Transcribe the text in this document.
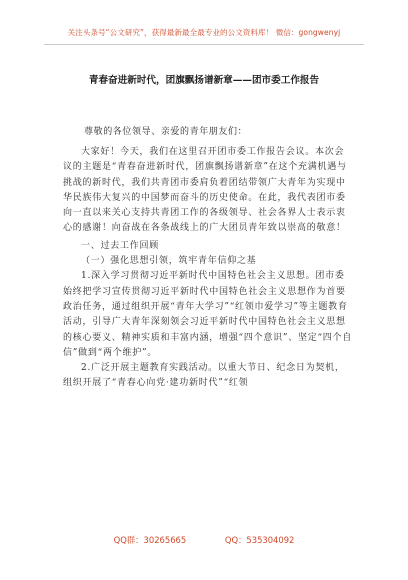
关注头条号“公文研究”，获得最新最全最专业的公文资料库！ 微信：gongwenyj
青春奋进新时代，团旗飘扬谱新章——团市委工作报告
尊敬的各位领导、亲爱的青年朋友们：

大家好！今天，我们在这里召开团市委工作报告会议。本次会议的主题是“青春奋进新时代，团旗飘扬谱新章”在这个充满机遇与挑战的新时代，我们共青团市委肩负着团结带领广大青年为实现中华民族伟大复兴的中国梦而奋斗的历史使命。在此，我代表团市委向一直以来关心支持共青团工作的各级领导、社会各界人士表示衷心的感谢！向奋战在各条战线上的广大团员青年致以崇高的敬意！

一、过去工作回顾

（一）强化思想引领，筑牢青年信仰之基

1.深入学习贯彻习近平新时代中国特色社会主义思想。团市委始终把学习宣传贯彻习近平新时代中国特色社会主义思想作为首要政治任务，通过组织开展“青年大学习”“红领巾爱学习”等主题教育活动，引导广大青年深刻领会习近平新时代中国特色社会主义思想的核心要义、精神实质和丰富内涵，增强“四个意识”、坚定“四个自信”做到“两个维护”。

2.广泛开展主题教育实践活动。以重大节日、纪念日为契机，组织开展了“青春心向党·建功新时代”“红领

QQ群：30265665	QQ：535304092
